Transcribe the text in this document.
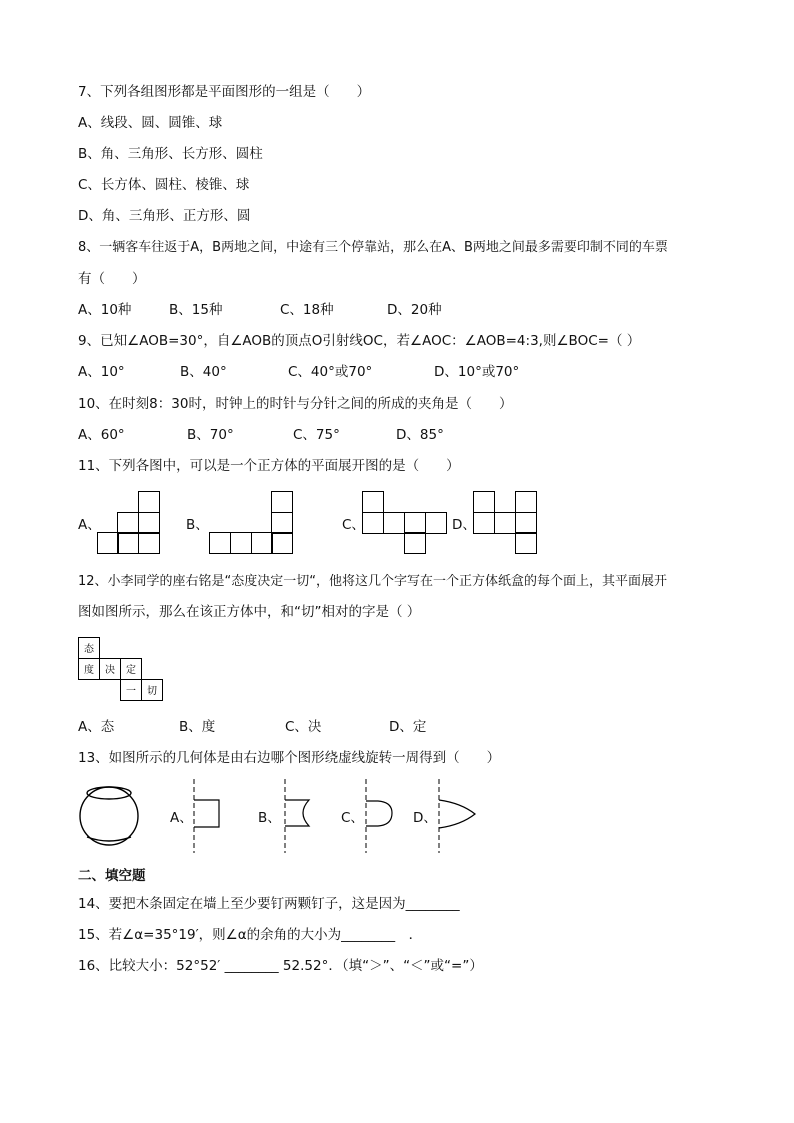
7、下列各组图形都是平面图形的一组是（　　）
A、线段、圆、圆锥、球
B、角、三角形、长方形、圆柱
C、长方体、圆柱、棱锥、球
D、角、三角形、正方形、圆
8、一辆客车往返于A，B两地之间，中途有三个停靠站，那么在A、B两地之间最多需要印制不同的车票
有（　　）
A、10种	B、15种	C、18种	D、20种
9、已知∠AOB=30°，自∠AOB的顶点O引射线OC，若∠AOC：∠AOB=4:3,则∠BOC=（ ）
A、10°	B、40°	C、40°或70°	D、10°或70°
10、在时刻8：30时，时钟上的时针与分针之间的所成的夹角是（　　）
A、60°	B、70°	C、75°	D、85°
11、下列各图中，可以是一个正方体的平面展开图的是（　　）
A、	B、	C、	D、
12、小李同学的座右铭是“态度决定一切“，他将这几个字写在一个正方体纸盒的每个面上，其平面展开
图如图所示，那么在该正方体中，和“切”相对的字是（ ）
态
度 决 定
一 切
A、态	B、度	C、决	D、定
13、如图所示的几何体是由右边哪个图形绕虚线旋转一周得到（　　）
A、	B、	C、	D、
二、填空题
14、要把木条固定在墙上至少要钉两颗钉子，这是因为________
15、若∠α=35°19′，则∠α的余角的大小为________　．
16、比较大小：52°52′ ________ 52.52°．（填“＞”、“＜”或“=”）
